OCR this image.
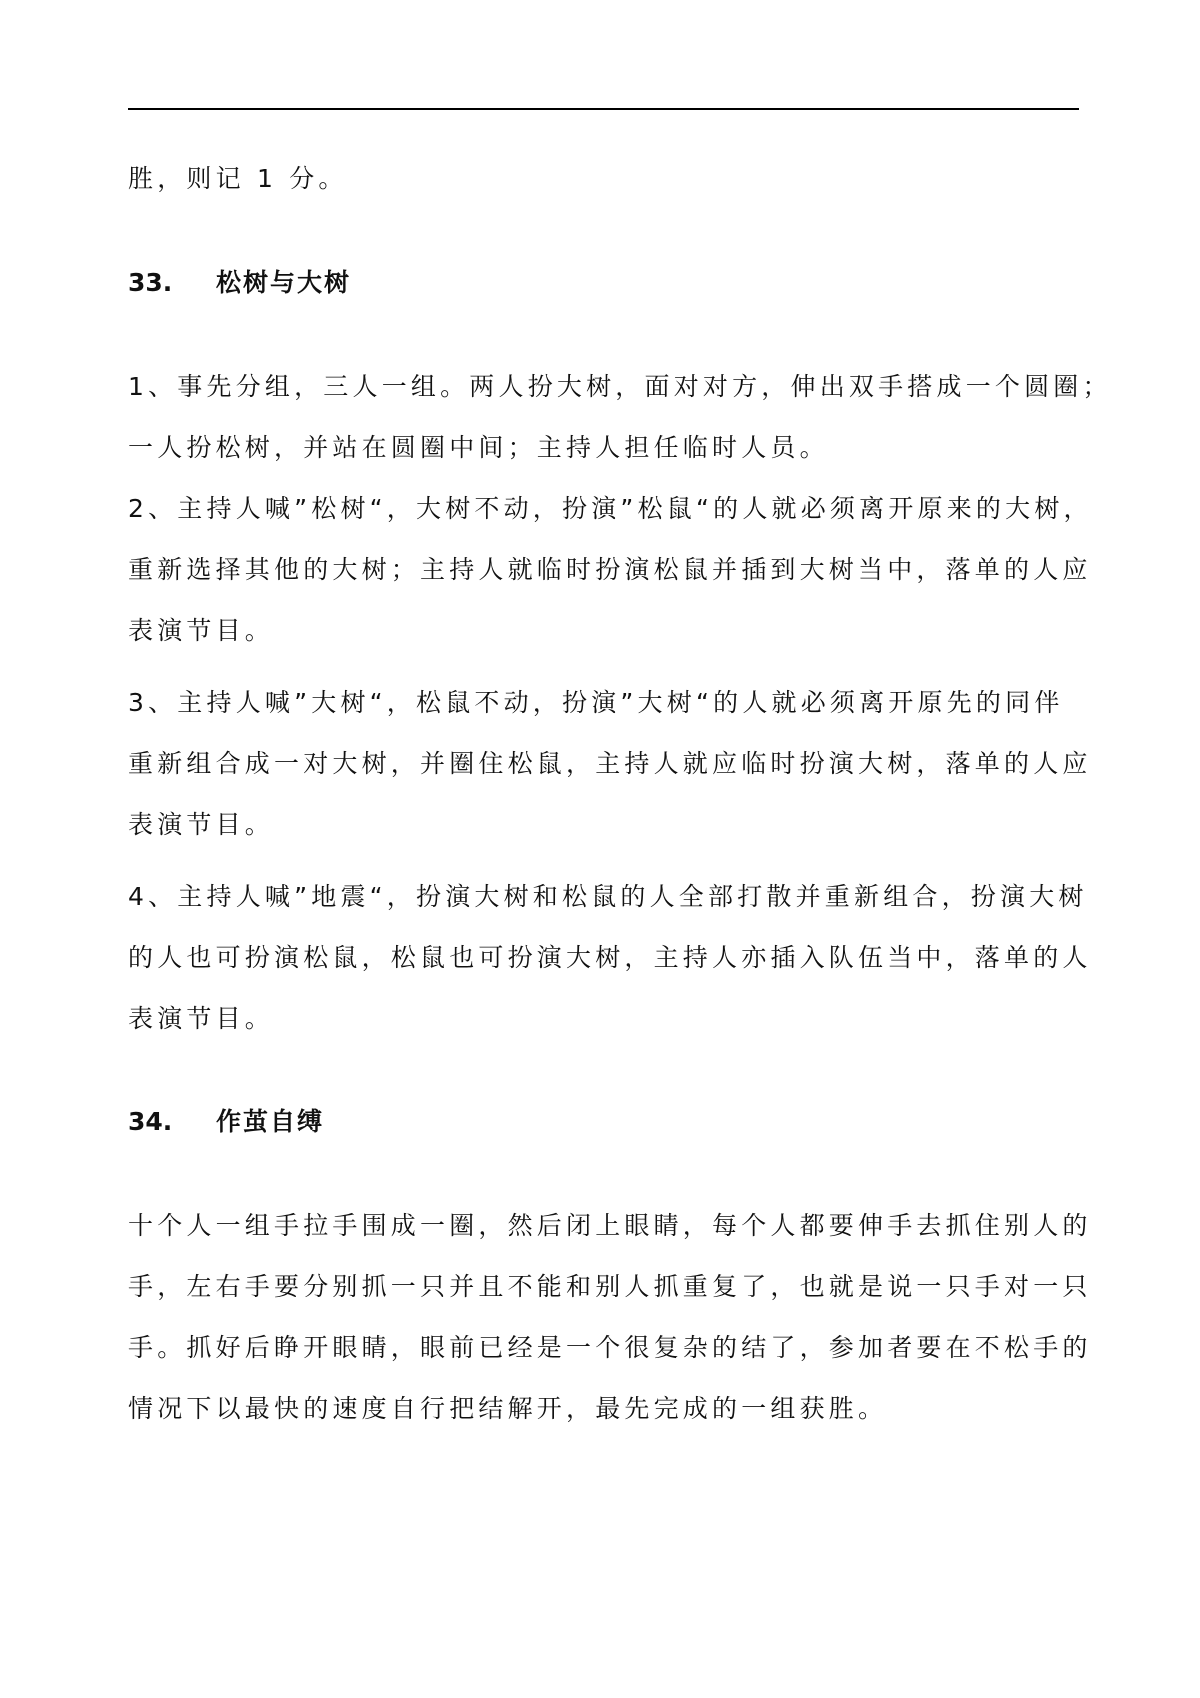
胜，则记 1 分。
33. 松树与大树
1、事先分组，三人一组。两人扮大树，面对对方，伸出双手搭成一个圆圈；
一人扮松树，并站在圆圈中间；主持人担任临时人员。
2、主持人喊”松树“，大树不动，扮演”松鼠“的人就必须离开原来的大树，
重新选择其他的大树；主持人就临时扮演松鼠并插到大树当中，落单的人应
表演节目。
3、主持人喊”大树“，松鼠不动，扮演”大树“的人就必须离开原先的同伴
重新组合成一对大树，并圈住松鼠，主持人就应临时扮演大树，落单的人应
表演节目。
4、主持人喊”地震“，扮演大树和松鼠的人全部打散并重新组合，扮演大树
的人也可扮演松鼠，松鼠也可扮演大树，主持人亦插入队伍当中，落单的人
表演节目。
34. 作茧自缚
十个人一组手拉手围成一圈，然后闭上眼睛，每个人都要伸手去抓住别人的
手，左右手要分别抓一只并且不能和别人抓重复了，也就是说一只手对一只
手。抓好后睁开眼睛，眼前已经是一个很复杂的结了，参加者要在不松手的
情况下以最快的速度自行把结解开，最先完成的一组获胜。
